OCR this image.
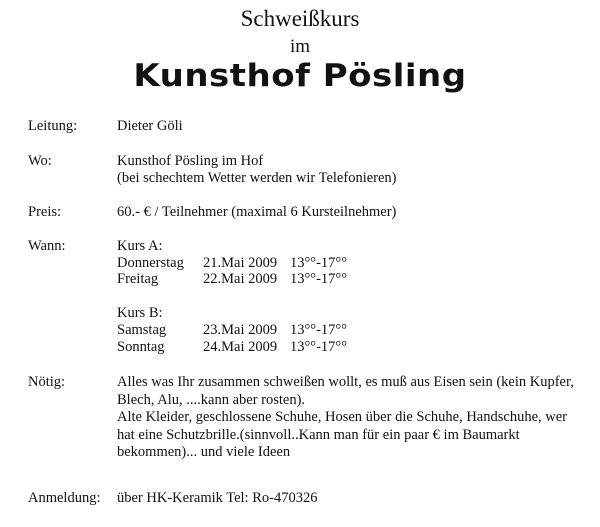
Schweißkurs
im
Kunsthof Pösling
Leitung:	Dieter Göli
Wo:	Kunsthof Pösling im Hof
(bei schechtem Wetter werden wir Telefonieren)
Preis:	60.- € / Teilnehmer (maximal 6 Kursteilnehmer)
Wann:	Kurs A:
Donnerstag 21.Mai 2009 13°°-17°°
Freitag	22.Mai 2009 13°°-17°°
Kurs B:
Samstag	23.Mai 2009 13°°-17°°
Sonntag	24.Mai 2009 13°°-17°°
Nötig:	Alles was Ihr zusammen schweißen wollt, es muß aus Eisen sein (kein Kupfer, Blech, Alu, ....kann aber rosten).

Alte Kleider, geschlossene Schuhe, Hosen über die Schuhe, Handschuhe, wer hat eine Schutzbrille.(sinnvoll..Kann man für ein paar € im Baumarkt bekommen)... und viele Ideen

Anmeldung: über HK-Keramik Tel: Ro-470326
